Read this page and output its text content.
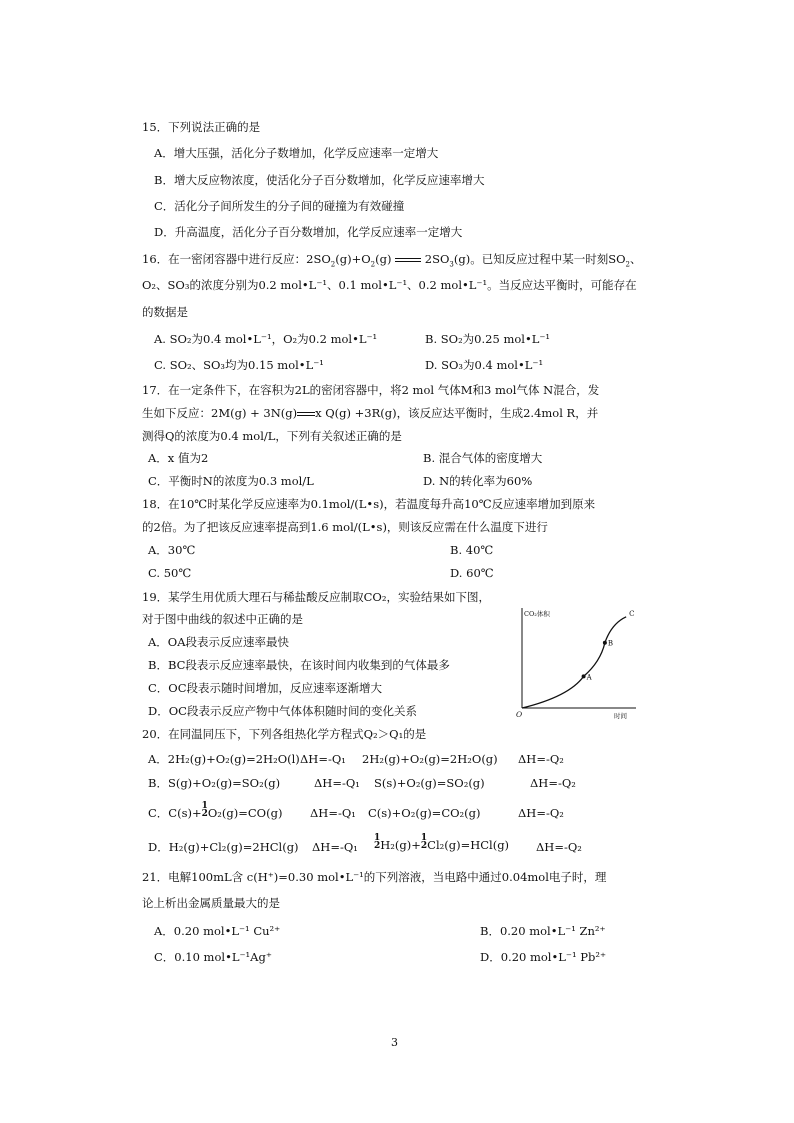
15．下列说法正确的是
A．增大压强，活化分子数增加，化学反应速率一定增大
B．增大反应物浓度，使活化分子百分数增加，化学反应速率增大
C．活化分子间所发生的分子间的碰撞为有效碰撞
D．升高温度，活化分子百分数增加，化学反应速率一定增大
16．在一密闭容器中进行反应：$2SO_2(g)+O_2(g)$	$2SO_3(g)$。已知反应过程中某一时刻$SO_2$、
O₂、SO₃的浓度分别为0.2 mol•L⁻¹、0.1 mol•L⁻¹、0.2 mol•L⁻¹。当反应达平衡时，可能存在
的数据是
A. SO₂为0.4 mol•L⁻¹，O₂为0.2 mol•L⁻¹	B. SO₂为0.25 mol•L⁻¹
C. SO₂、SO₃均为0.15 mol•L⁻¹	D. SO₃为0.4 mol•L⁻¹
17．在一定条件下，在容积为2L的密闭容器中，将2 mol 气体M和3 mol气体 N混合，发
生如下反应：2M(g) + 3N(g) x Q(g) +3R(g)，该反应达平衡时，生成2.4mol R，并
测得Q的浓度为0.4 mol/L，下列有关叙述正确的是
A．x 值为2	B. 混合气体的密度增大
C．平衡时N的浓度为0.3 mol/L	D. N的转化率为60%
18．在10℃时某化学反应速率为0.1mol/(L•s)，若温度每升高10℃反应速率增加到原来
的2倍。为了把该反应速率提高到1.6 mol/(L•s)，则该反应需在什么温度下进行
A．30℃	B. 40℃
C. 50℃	D. 60℃
19．某学生用优质大理石与稀盐酸反应制取CO₂，实验结果如下图，
对于图中曲线的叙述中正确的是
A．OA段表示反应速率最快
B．BC段表示反应速率最快，在该时间内收集到的气体最多
C．OC段表示随时间增加，反应速率逐渐增大
D．OC段表示反应产物中气体体积随时间的变化关系
CO₂体积
时间
O
A
B
C
20．在同温同压下，下列各组热化学方程式Q₂＞Q₁的是
A．2H₂(g)+O₂(g)=2H₂O(l) ΔH=-Q₁ 2H₂(g)+O₂(g)=2H₂O(g) ΔH=-Q₂
B．S(g)+O₂(g)=SO₂(g)	ΔH=-Q₁ S(s)+O₂(g)=SO₂(g)	ΔH=-Q₂
C．C(s)+ 1
2 O₂(g)=CO(g) ΔH=-Q₁ C(s)+O₂(g)=CO₂(g)	ΔH=-Q₂
D．H₂(g)+Cl₂(g)=2HCl(g) ΔH=-Q₁
1
2 H₂(g)+ 1
2 Cl₂(g)=HCl(g) ΔH=-Q₂
21．电解100mL含 c(H⁺)=0.30 mol•L⁻¹的下列溶液，当电路中通过0.04mol电子时，理
论上析出金属质量最大的是
A．0.20 mol•L⁻¹ Cu²⁺	B．0.20 mol•L⁻¹ Zn²⁺
C．0.10 mol•L⁻¹Ag⁺	D．0.20 mol•L⁻¹ Pb²⁺
3
